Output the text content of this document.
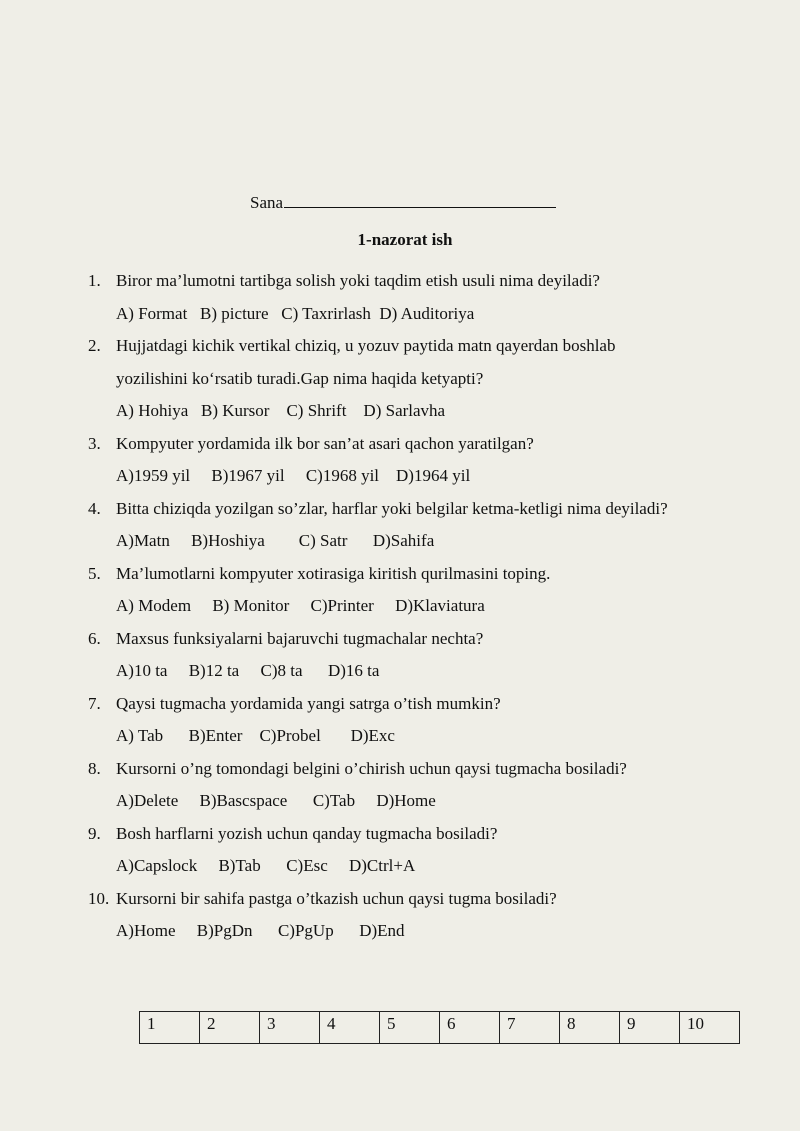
Sana
1-nazorat ish
1. Biror ma’lumotni tartibga solish yoki taqdim etish usuli nima deyiladi?
A) Format   B) picture   C) Taxrirlash  D) Auditoriya
2. Hujjatdagi kichik vertikal chiziq, u yozuv paytida matn qayerdan boshlab
yozilishini ko‘rsatib turadi.Gap nima haqida ketyapti?
A) Hohiya   B) Kursor    C) Shrift    D) Sarlavha
3. Kompyuter yordamida ilk bor san’at asari qachon yaratilgan?
A)1959 yil     B)1967 yil     C)1968 yil    D)1964 yil
4. Bitta chiziqda yozilgan so’zlar, harflar yoki belgilar ketma-ketligi nima deyiladi?
A)Matn     B)Hoshiya        C) Satr      D)Sahifa
5. Ma’lumotlarni kompyuter xotirasiga kiritish qurilmasini toping.
A) Modem     B) Monitor     C)Printer     D)Klaviatura
6. Maxsus funksiyalarni bajaruvchi tugmachalar nechta?
A)10 ta     B)12 ta     C)8 ta      D)16 ta
7. Qaysi tugmacha yordamida yangi satrga o’tish mumkin?
A) Tab      B)Enter    C)Probel       D)Exc
8. Kursorni o’ng tomondagi belgini o’chirish uchun qaysi tugmacha bosiladi?
A)Delete     B)Bascspace      C)Tab     D)Home
9. Bosh harflarni yozish uchun qanday tugmacha bosiladi?
A)Capslock     B)Tab      C)Esc     D)Ctrl+A
10. Kursorni bir sahifa pastga o’tkazish uchun qaysi tugma bosiladi?
A)Home     B)PgDn      C)PgUp      D)End
1	2	3	4	5	6	7	8	9	10
